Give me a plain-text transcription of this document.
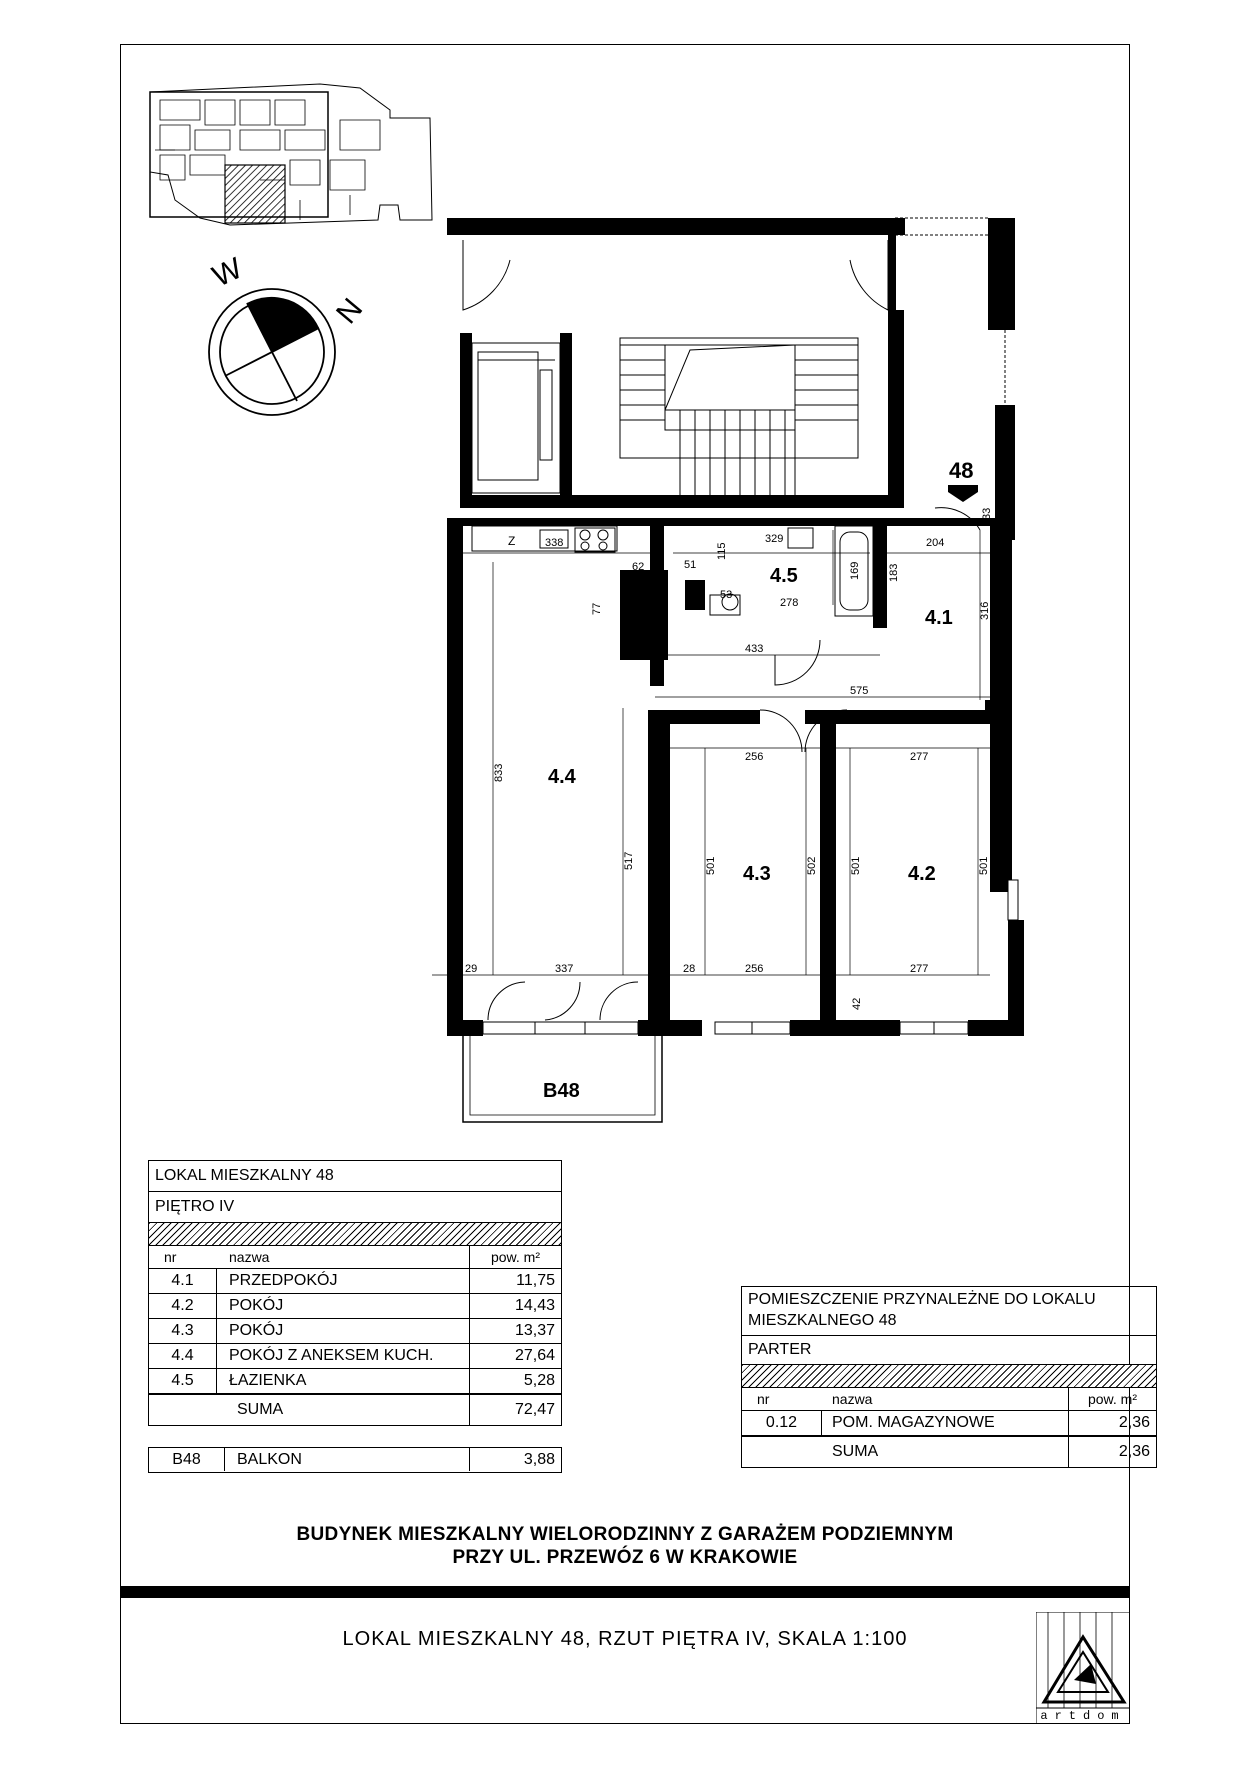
W
N
Z	329	204
338
62	51
115
53
77	278
169 183
316
433
575
256	277
833
517	501	502	501	501
28
29	337	28	256	277
42
33
48
4.5
4.1
4.4
4.3	4.2
B48
LOKAL MIESZKALNY 48
PIĘTRO IV
nr	nazwa	pow. m²
4.1	PRZEDPOKÓJ	11,75
4.2	POKÓJ	14,43
4.3	POKÓJ	13,37
4.4	POKÓJ Z ANEKSEM KUCH.	27,64
4.5	ŁAZIENKA	5,28
SUMA	72,47
B48	BALKON	3,88
POMIESZCZENIE PRZYNALEŻNE DO LOKALU
MIESZKALNEGO 48
PARTER
nr	nazwa	pow. m²
0.12	POM. MAGAZYNOWE	2,36
SUMA	2,36
BUDYNEK MIESZKALNY WIELORODZINNY Z GARAŻEM PODZIEMNYM
PRZY UL. PRZEWÓZ 6 W KRAKOWIE
LOKAL MIESZKALNY 48, RZUT PIĘTRA IV, SKALA 1:100
artdom
